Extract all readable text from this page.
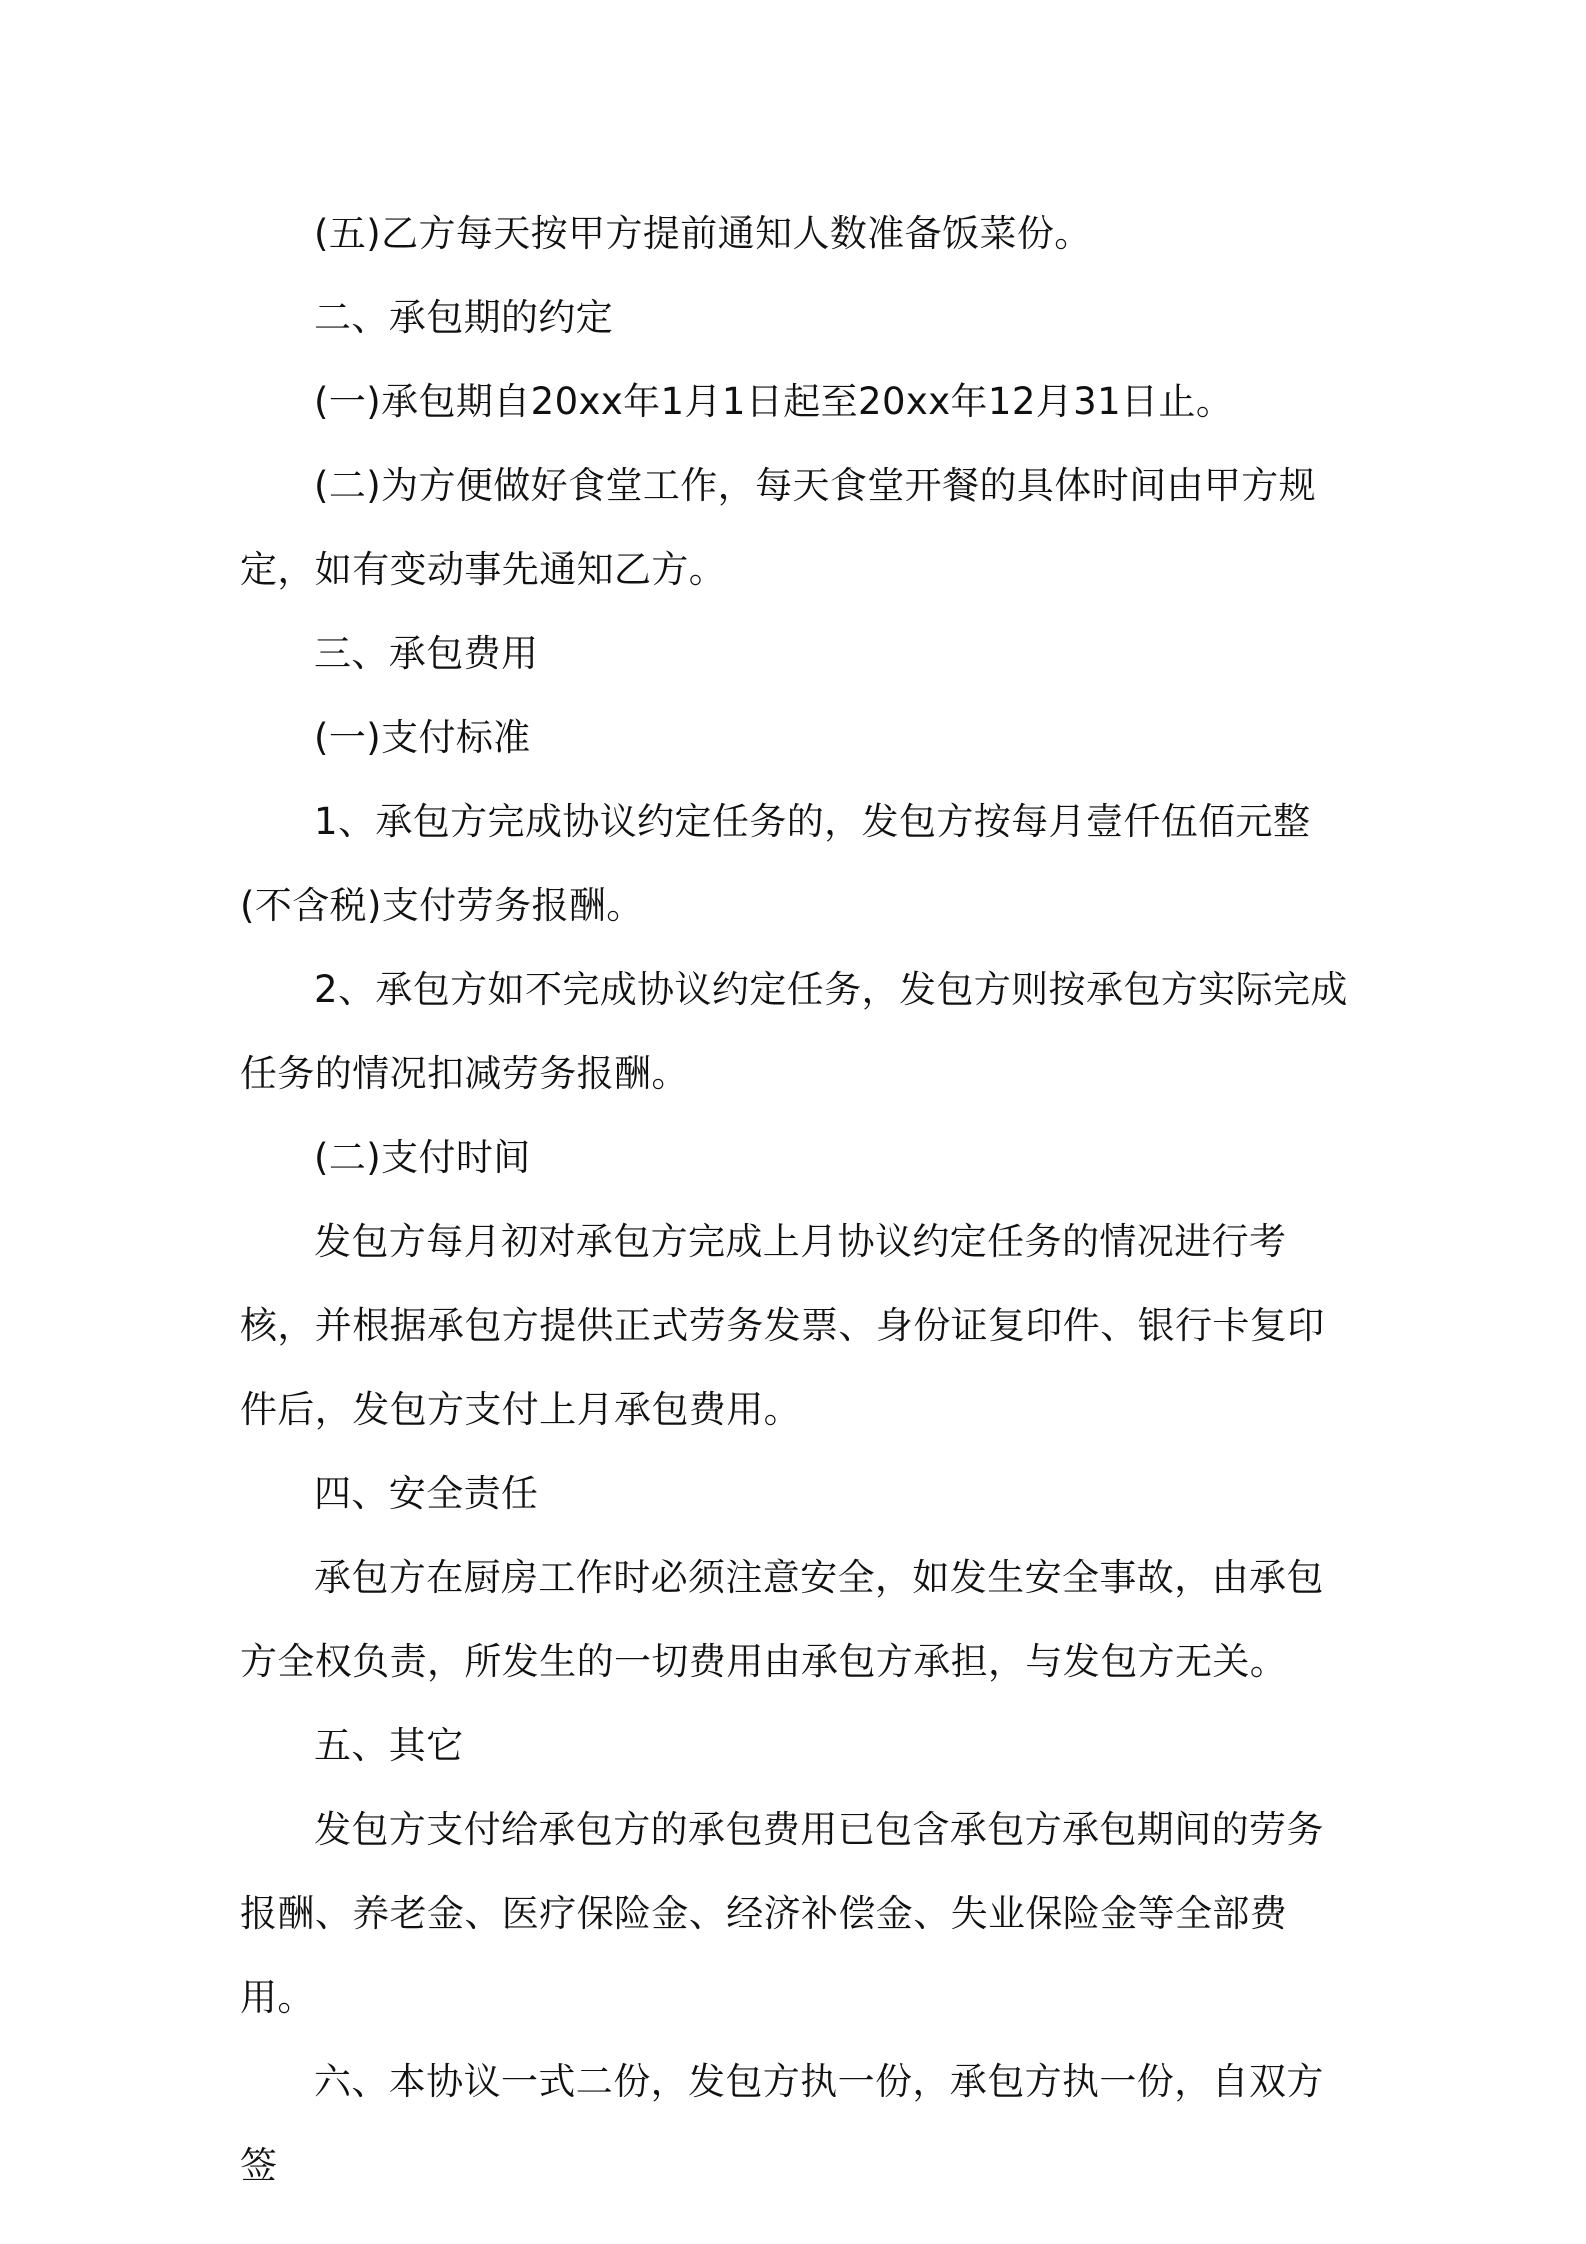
(五)乙方每天按甲方提前通知人数准备饭菜份。

二、承包期的约定

(一)承包期自20xx年1月1日起至20xx年12月31日止。

(二)为方便做好食堂工作，每天食堂开餐的具体时间由甲方规定，如有变动事先通知乙方。

三、承包费用

(一)支付标准

1、承包方完成协议约定任务的，发包方按每月壹仟伍佰元整(不含税)支付劳务报酬。

2、承包方如不完成协议约定任务，发包方则按承包方实际完成任务的情况扣减劳务报酬。

(二)支付时间

发包方每月初对承包方完成上月协议约定任务的情况进行考核，并根据承包方提供正式劳务发票、身份证复印件、银行卡复印件后，发包方支付上月承包费用。

四、安全责任

承包方在厨房工作时必须注意安全，如发生安全事故，由承包方全权负责，所发生的一切费用由承包方承担，与发包方无关。

五、其它

发包方支付给承包方的承包费用已包含承包方承包期间的劳务报酬、养老金、医疗保险金、经济补偿金、失业保险金等全部费用。

六、本协议一式二份，发包方执一份，承包方执一份，自双方签
